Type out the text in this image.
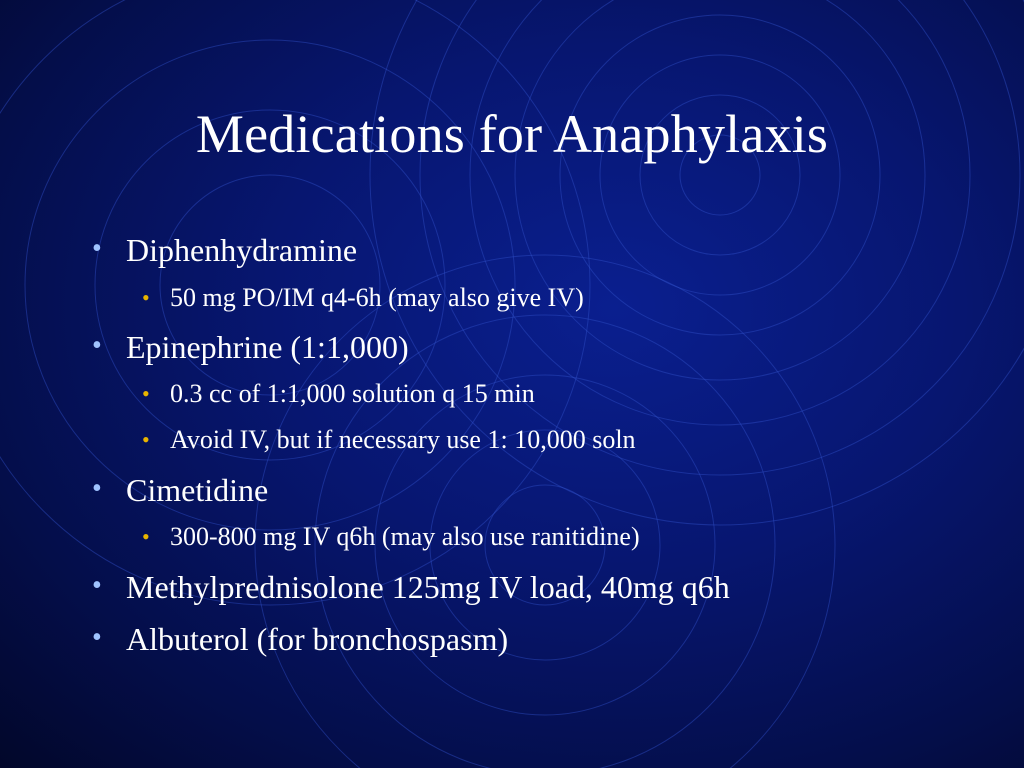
Medications for Anaphylaxis
• Diphenhydramine
• 50 mg PO/IM q4-6h (may also give IV)
• Epinephrine (1:1,000)
• 0.3 cc of 1:1,000 solution q 15 min
• Avoid IV, but if necessary use 1: 10,000 soln
• Cimetidine
• 300-800 mg IV q6h (may also use ranitidine)
• Methylprednisolone 125mg IV load, 40mg q6h
• Albuterol (for bronchospasm)
